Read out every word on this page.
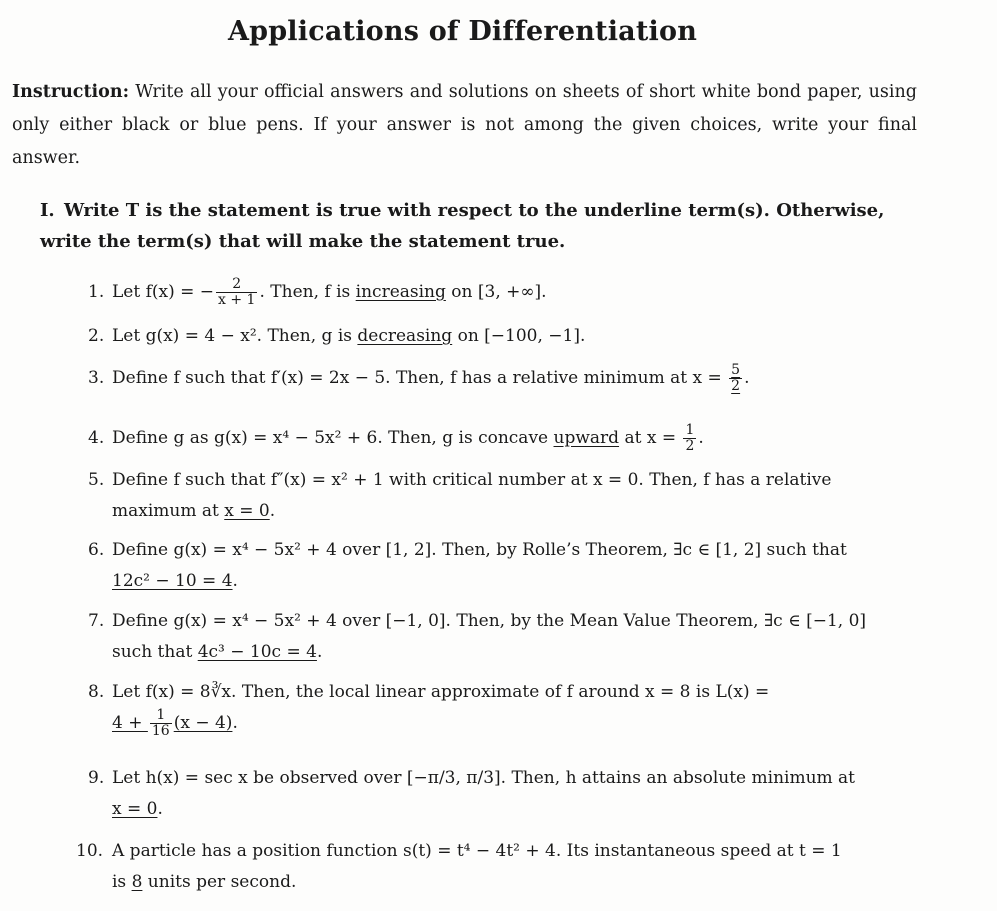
Applications of Differentiation
Instruction: Write all your official answers and solutions on sheets of short white bond paper, using only either black or blue pens. If your answer is not among the given choices, write your final answer.
I. Write T is the statement is true with respect to the underline term(s). Otherwise, write the term(s) that will make the statement true.
1. Let f(x) = − $\frac{2}{x + 1}$ . Then, f is increasing on [3, +∞].
2. Let g(x) = 4 − x². Then, g is decreasing on [−100, −1].
3. Define f such that f′(x) = 2x − 5. Then, f has a relative minimum at $x = \frac{5}{2}$ .
4. Define g as g(x) = x⁴ − 5x² + 6. Then, g is concave upward at $x = \frac{1}{2}$ .
5. Define f such that f″(x) = x² + 1 with critical number at x = 0. Then, f has a relative
maximum at x = 0.
6. Define g(x) = x⁴ − 5x² + 4 over [1, 2]. Then, by Rolle’s Theorem, ∃c ∈ [1, 2] such that
12c² − 10 = 4.
7. Define g(x) = x⁴ − 5x² + 4 over [−1, 0]. Then, by the Mean Value Theorem, ∃c ∈ [−1, 0]
such that 4c³ − 10c = 4.
8. Let f(x) = 8∛x. Then, the local linear approximate of f around x = 8 is L(x) =
$4 + \frac{1}{16} (x - 4)$.
9. Let h(x) = sec x be observed over [−π/3, π/3]. Then, h attains an absolute minimum at
x = 0.
10. A particle has a position function s(t) = t⁴ − 4t² + 4. Its instantaneous speed at t = 1
is 8 units per second.
